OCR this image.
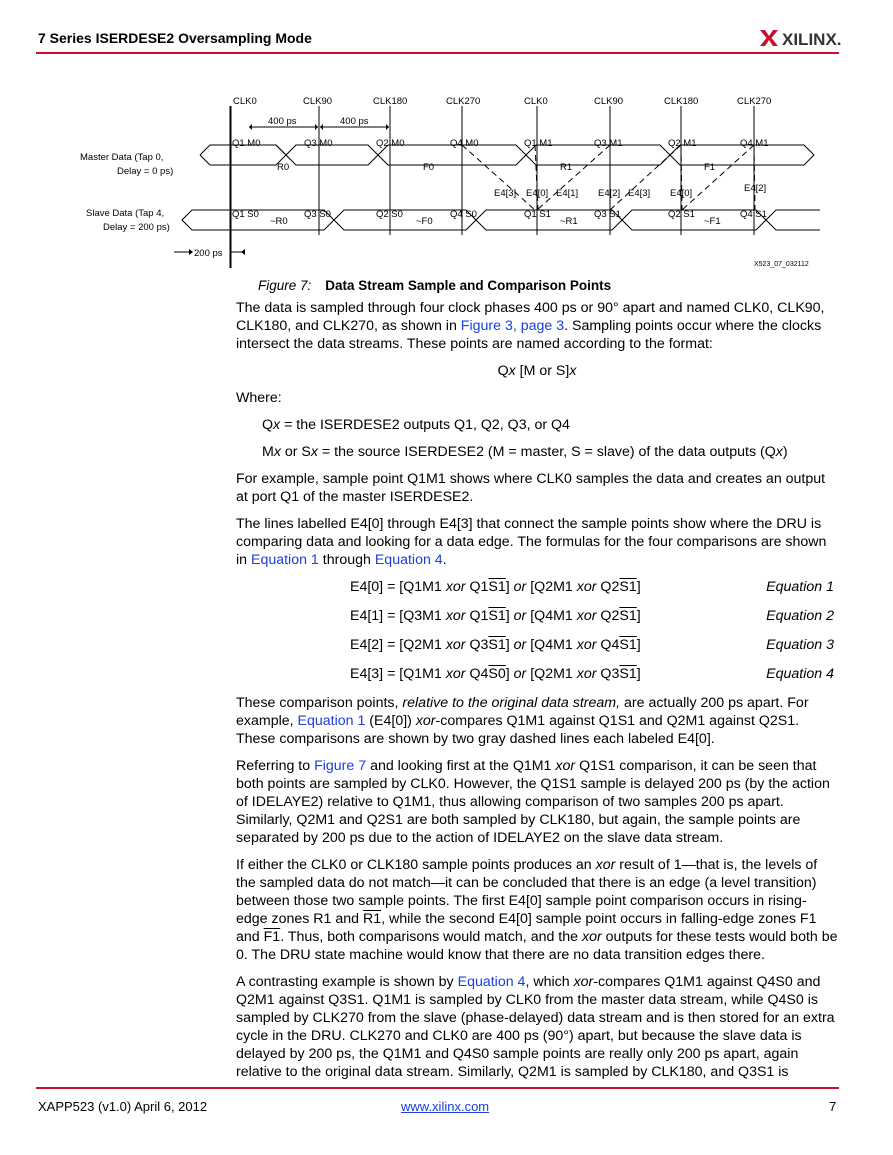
7 Series ISERDESE2 Oversampling Mode	XILINX.
CLK0	CLK90	CLK180	CLK270	CLK0	CLK90	CLK180	CLK270
400 ps	400 ps
Master Data (Tap 0,
Delay = 0 ps)
Slave Data (Tap 4,
Delay = 200 ps)
Q1 M0	Q3 M0	Q2 M0	Q4 M0	Q1 M1	Q3 M1	Q2 M1	Q4 M1
Q1 S0	Q3 S0	Q2 S0	Q4 S0	Q1 S1	Q3 S1	Q2 S1	Q4 S1
R0	F0	R1	F1
~R0	~F0	~R1	~F1
E4[3] E4[0] E4[1] E4[2] E4[3] E4[0]	E4[2]
200 ps
X523_07_032112
Figure 7: Data Stream Sample and Comparison Points

The data is sampled through four clock phases 400 ps or 90° apart and named CLK0, CLK90, CLK180, and CLK270, as shown in Figure 3, page 3. Sampling points occur where the clocks intersect the data streams. These points are named according to the format:

Qx [M or S]x

Where:

Qx = the ISERDESE2 outputs Q1, Q2, Q3, or Q4

Mx or Sx = the source ISERDESE2 (M = master, S = slave) of the data outputs (Qx)

For example, sample point Q1M1 shows where CLK0 samples the data and creates an output at port Q1 of the master ISERDESE2.

The lines labelled E4[0] through E4[3] that connect the sample points show where the DRU is comparing data and looking for a data edge. The formulas for the four comparisons are shown in Equation 1 through Equation 4.

E4[0] = [Q1M1 xor Q1S1] or [Q2M1 xor Q2S1]	Equation 1
E4[1] = [Q3M1 xor Q1S1] or [Q4M1 xor Q2S1]	Equation 2
E4[2] = [Q2M1 xor Q3S1] or [Q4M1 xor Q4S1]	Equation 3
E4[3] = [Q1M1 xor Q4S0] or [Q2M1 xor Q3S1]	Equation 4

These comparison points, relative to the original data stream, are actually 200 ps apart. For example, Equation 1 (E4[0]) xor-compares Q1M1 against Q1S1 and Q2M1 against Q2S1. These comparisons are shown by two gray dashed lines each labeled E4[0].

Referring to Figure 7 and looking first at the Q1M1 xor Q1S1 comparison, it can be seen that both points are sampled by CLK0. However, the Q1S1 sample is delayed 200 ps (by the action of IDELAYE2) relative to Q1M1, thus allowing comparison of two samples 200 ps apart. Similarly, Q2M1 and Q2S1 are both sampled by CLK180, but again, the sample points are separated by 200 ps due to the action of IDELAYE2 on the slave data stream.

If either the CLK0 or CLK180 sample points produces an xor result of 1—that is, the levels of the sampled data do not match—it can be concluded that there is an edge (a level transition) between those two sample points. The first E4[0] sample point comparison occurs in rising-edge zones R1 and R1, while the second E4[0] sample point occurs in falling-edge zones F1 and F1. Thus, both comparisons would match, and the xor outputs for these tests would both be 0. The DRU state machine would know that there are no data transition edges there.

A contrasting example is shown by Equation 4, which xor-compares Q1M1 against Q4S0 and Q2M1 against Q3S1. Q1M1 is sampled by CLK0 from the master data stream, while Q4S0 is sampled by CLK270 from the slave (phase-delayed) data stream and is then stored for an extra cycle in the DRU. CLK270 and CLK0 are 400 ps (90°) apart, but because the slave data is delayed by 200 ps, the Q1M1 and Q4S0 sample points are really only 200 ps apart, again relative to the original data stream. Similarly, Q2M1 is sampled by CLK180, and Q3S1 is

XAPP523 (v1.0) April 6, 2012	www.xilinx.com	7
